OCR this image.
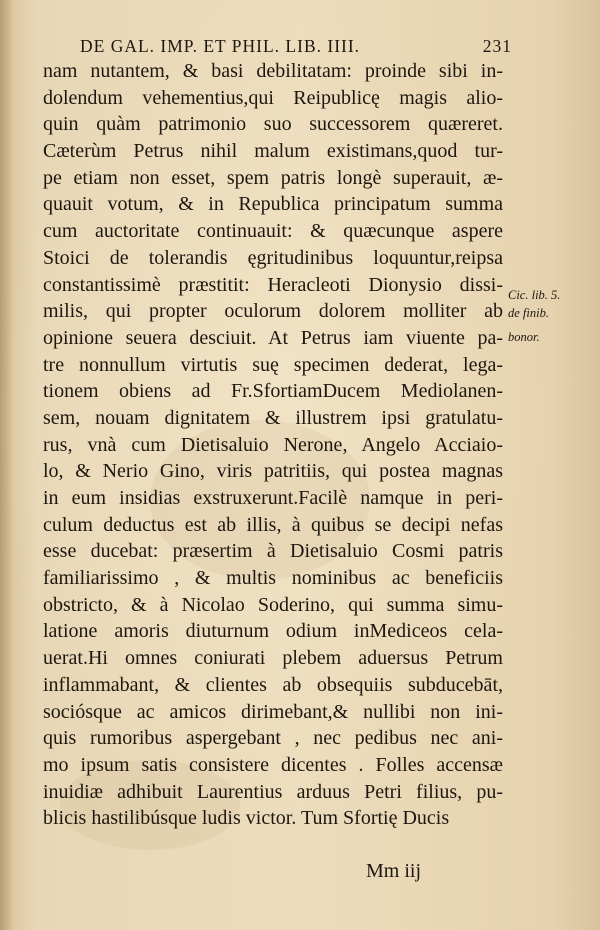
DE GAL. IMP. ET PHIL. LIB. IIII.	231
nam nutantem, & basi debilitatam: proinde sibi in-
dolendum vehementius,qui Reipublicę magis alio-
quin quàm patrimonio suo successorem quæreret.
Cæterùm Petrus nihil malum existimans,quod tur-
pe etiam non esset, spem patris longè superauit, æ-
quauit votum, & in Republica principatum summa
cum auctoritate continuauit: & quæcunque aspere
Stoici de tolerandis ęgritudinibus loquuntur,reipsa
constantissimè præstitit: Heracleoti Dionysio dissi-
milis, qui propter oculorum dolorem molliter ab
opinione seuera desciuit. At Petrus iam viuente pa-
tre nonnullum virtutis suę specimen dederat, lega-
tionem obiens ad Fr.SfortiamDucem Mediolanen-
sem, nouam dignitatem & illustrem ipsi gratulatu-
rus, vnà cum Dietisaluio Nerone, Angelo Acciaio-
lo, & Nerio Gino, viris patritiis, qui postea magnas
in eum insidias exstruxerunt.Facilè namque in peri-
culum deductus est ab illis, à quibus se decipi nefas
esse ducebat: præsertim à Dietisaluio Cosmi patris
familiarissimo , & multis nominibus ac beneficiis
obstricto, & à Nicolao Soderino, qui summa simu-
latione amoris diuturnum odium inMediceos cela-
uerat.Hi omnes coniurati plebem aduersus Petrum
inflammabant, & clientes ab obsequiis subducebāt,
sociósque ac amicos dirimebant,& nullibi non ini-
quis rumoribus aspergebant , nec pedibus nec ani-
mo ipsum satis consistere dicentes . Folles accensæ
inuidiæ adhibuit Laurentius arduus Petri filius, pu-
blicis hastilibúsque ludis victor. Tum Sfortię Ducis
Cic. lib. 5.
de finib.
bonor.
Mm iij
